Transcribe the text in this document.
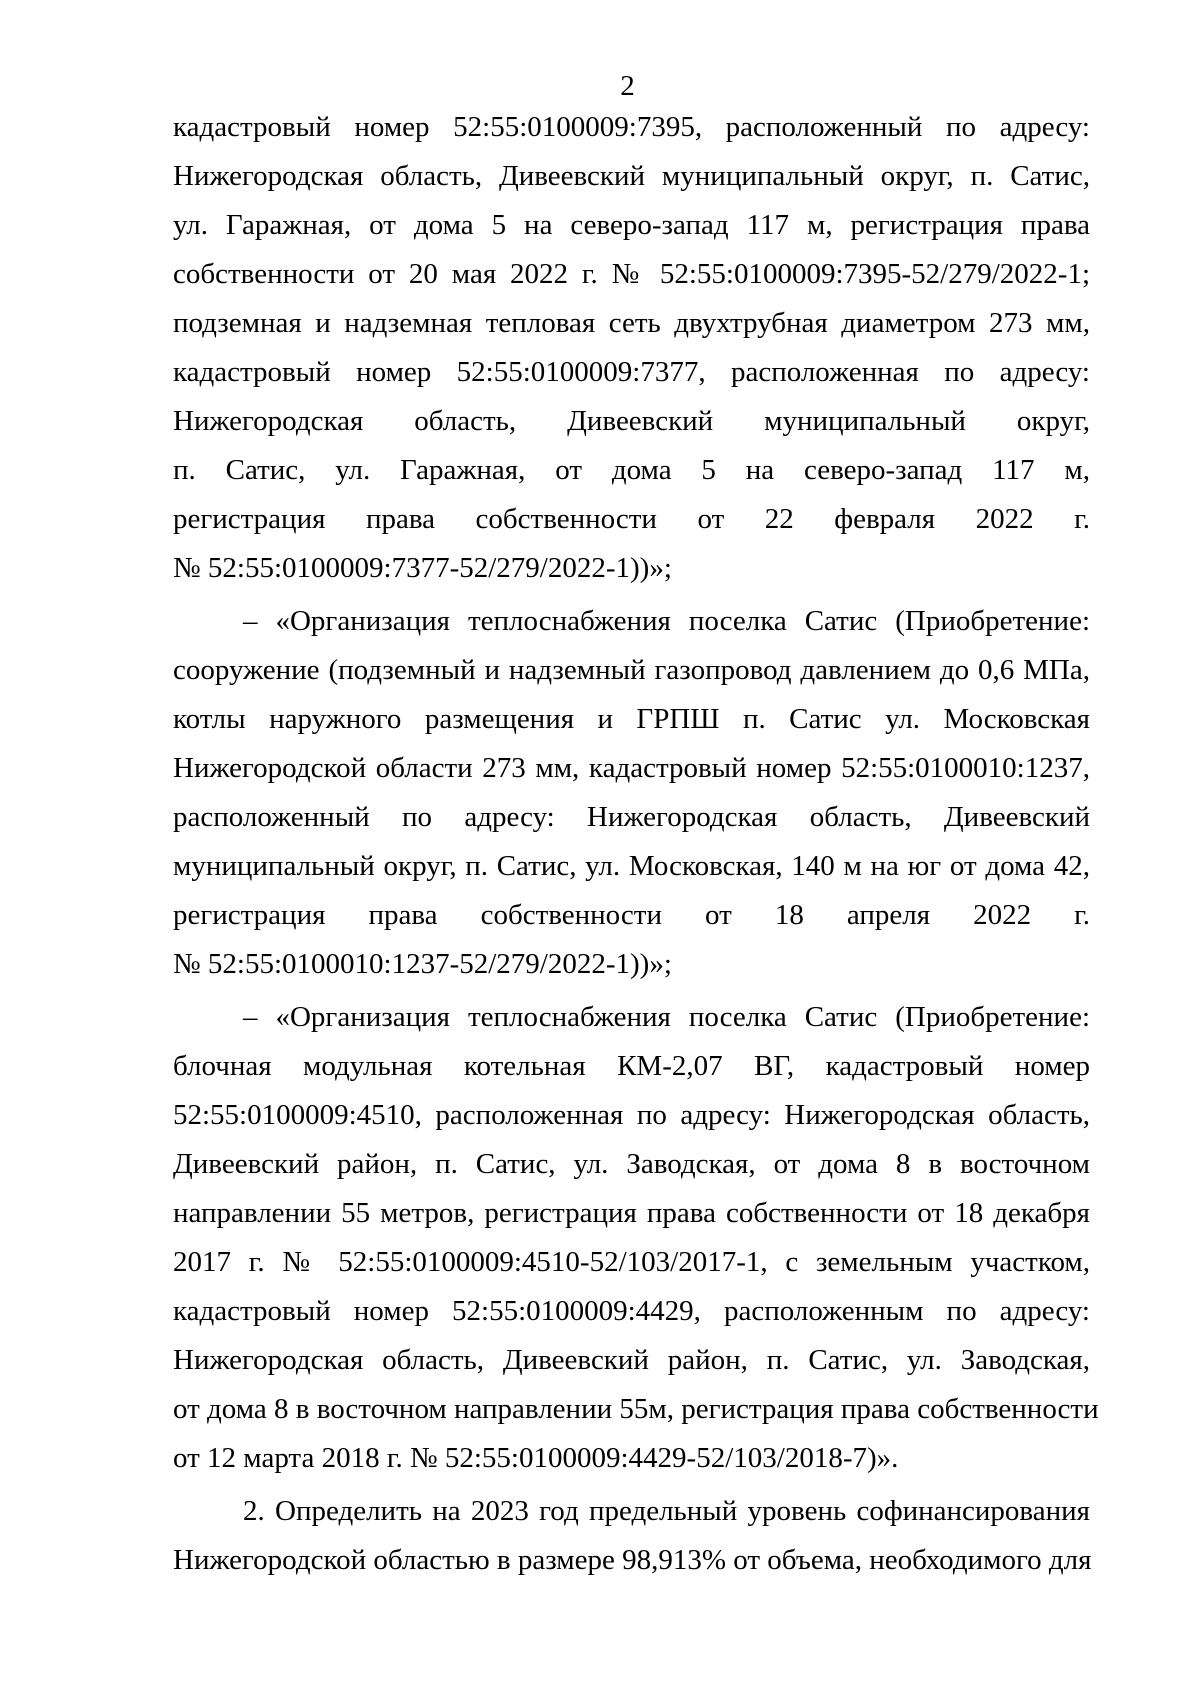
2
кадастровый номер 52:55:0100009:7395, расположенный по адресу:
Нижегородская область, Дивеевский муниципальный округ, п. Сатис,
ул. Гаражная, от дома 5 на северо-запад 117 м, регистрация права
собственности от 20 мая 2022 г. № 52:55:0100009:7395-52/279/2022-1;
подземная и надземная тепловая сеть двухтрубная диаметром 273 мм,
кадастровый номер 52:55:0100009:7377, расположенная по адресу:
Нижегородская область, Дивеевский муниципальный округ,
п. Сатис, ул. Гаражная, от дома 5 на северо-запад 117 м,
регистрация права собственности от 22 февраля 2022 г.
№ 52:55:0100009:7377-52/279/2022-1))»;
– «Организация теплоснабжения поселка Сатис (Приобретение:
сооружение (подземный и надземный газопровод давлением до 0,6 МПа,
котлы наружного размещения и ГРПШ п. Сатис ул. Московская
Нижегородской области 273 мм, кадастровый номер 52:55:0100010:1237,
расположенный по адресу: Нижегородская область, Дивеевский
муниципальный округ, п. Сатис, ул. Московская, 140 м на юг от дома 42,
регистрация права собственности от 18 апреля 2022 г.
№ 52:55:0100010:1237-52/279/2022-1))»;
– «Организация теплоснабжения поселка Сатис (Приобретение:
блочная модульная котельная КМ-2,07 ВГ, кадастровый номер
52:55:0100009:4510, расположенная по адресу: Нижегородская область,
Дивеевский район, п. Сатис, ул. Заводская, от дома 8 в восточном
направлении 55 метров, регистрация права собственности от 18 декабря
2017 г. № 52:55:0100009:4510-52/103/2017-1, с земельным участком,
кадастровый номер 52:55:0100009:4429, расположенным по адресу:
Нижегородская область, Дивеевский район, п. Сатис, ул. Заводская,
от дома 8 в восточном направлении 55м, регистрация права собственности
от 12 марта 2018 г. № 52:55:0100009:4429-52/103/2018-7)».
2. Определить на 2023 год предельный уровень софинансирования
Нижегородской областью в размере 98,913% от объема, необходимого для
